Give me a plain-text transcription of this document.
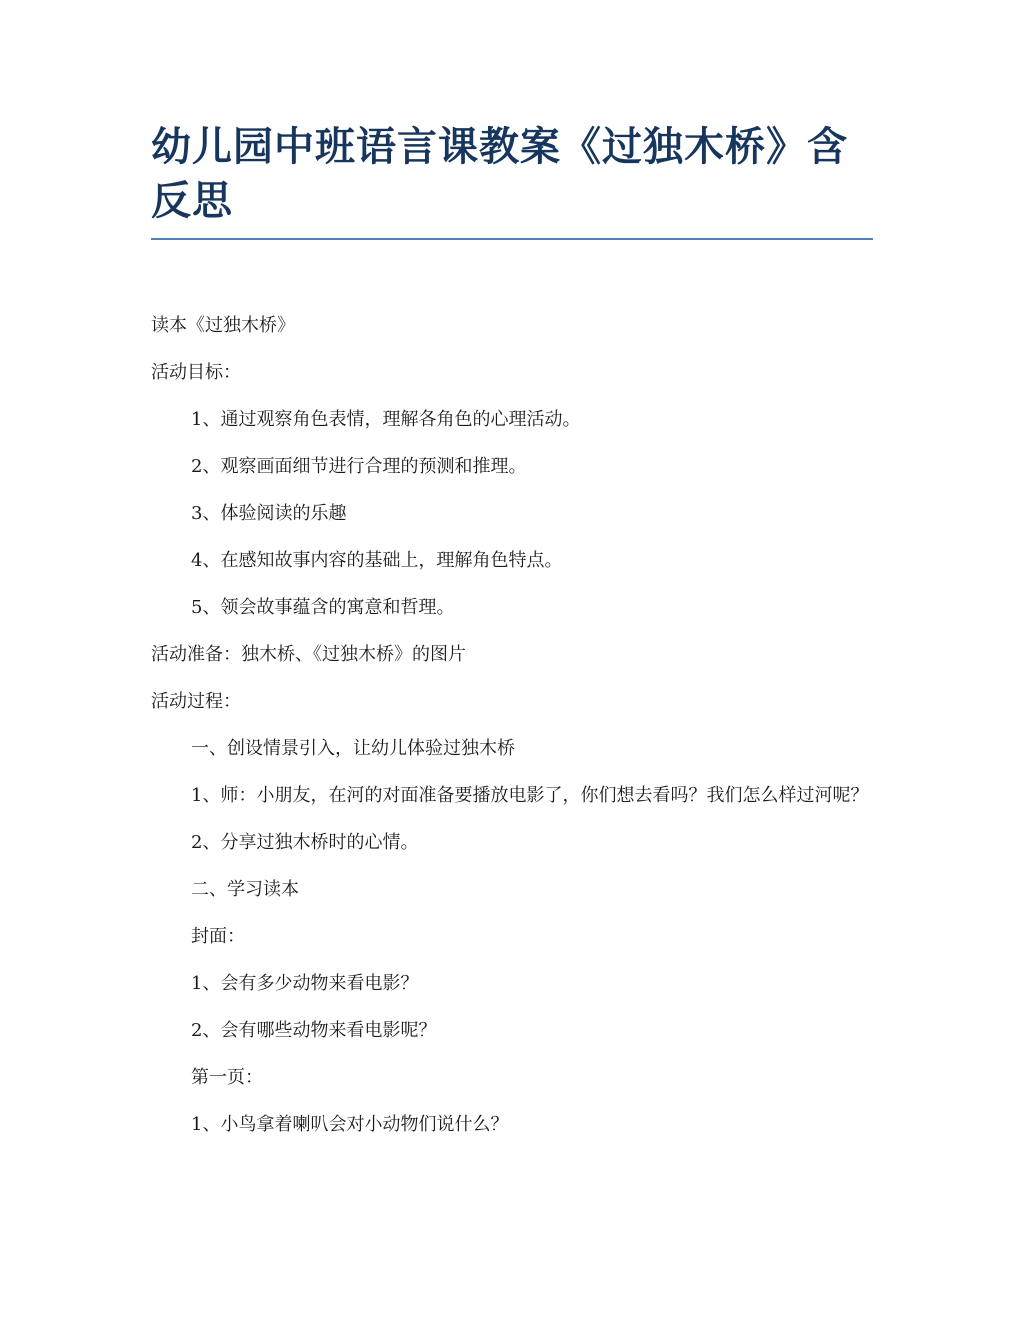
幼儿园中班语言课教案《过独木桥》含反思

读本《过独木桥》

活动目标：

1、通过观察角色表情，理解各角色的心理活动。

2、观察画面细节进行合理的预测和推理。

3、体验阅读的乐趣

4、在感知故事内容的基础上，理解角色特点。

5、领会故事蕴含的寓意和哲理。

活动准备：独木桥、《过独木桥》的图片

活动过程：

一、创设情景引入，让幼儿体验过独木桥

1、师：小朋友，在河的对面准备要播放电影了，你们想去看吗？我们怎么样过河呢？

2、分享过独木桥时的心情。

二、学习读本

封面：

1、会有多少动物来看电影？

2、会有哪些动物来看电影呢？

第一页：

1、小鸟拿着喇叭会对小动物们说什么？
